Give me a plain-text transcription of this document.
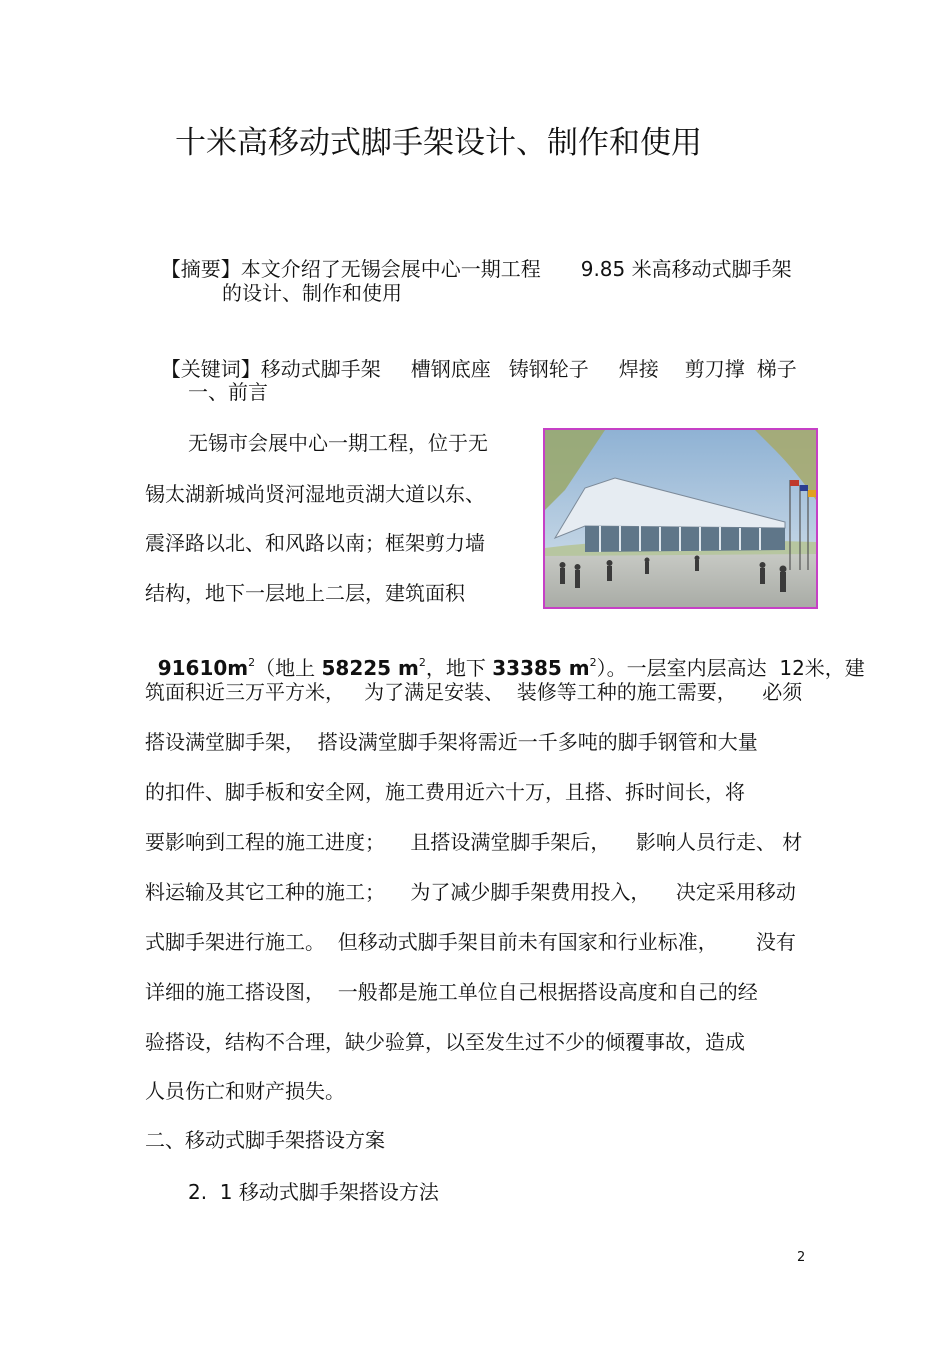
十米高移动式脚手架设计、制作和使用

【摘要】本文介绍了无锡会展中心一期工程 9.85 米高移动式脚手架

的设计、制作和使用

【关键词】移动式脚手架 槽钢底座 铸钢轮子 焊接 剪刀撑 梯子

一、前言
无锡市会展中心一期工程，位于无
锡太湖新城尚贤河湿地贡湖大道以东、
震泽路以北、和风路以南；框架剪力墙
结构，地下一层地上二层，建筑面积

$91610m^2$（地上 58225 $m^2$，地下 33385 $m^2$）。一层室内层高达  12米，建

筑面积近三万平方米，   为了满足安装、  装修等工种的施工需要，    必须
搭设满堂脚手架，  搭设满堂脚手架将需近一千多吨的脚手钢管和大量
的扣件、脚手板和安全网，施工费用近六十万，且搭、拆时间长，将
要影响到工程的施工进度；    且搭设满堂脚手架后，    影响人员行走、 材
料运输及其它工种的施工；    为了减少脚手架费用投入，    决定采用移动
式脚手架进行施工。  但移动式脚手架目前未有国家和行业标准，      没有
详细的施工搭设图，  一般都是施工单位自己根据搭设高度和自己的经
验搭设，结构不合理，缺少验算，以至发生过不少的倾覆事故，造成
人员伤亡和财产损失。
二、移动式脚手架搭设方案
2.  1 移动式脚手架搭设方法
2
